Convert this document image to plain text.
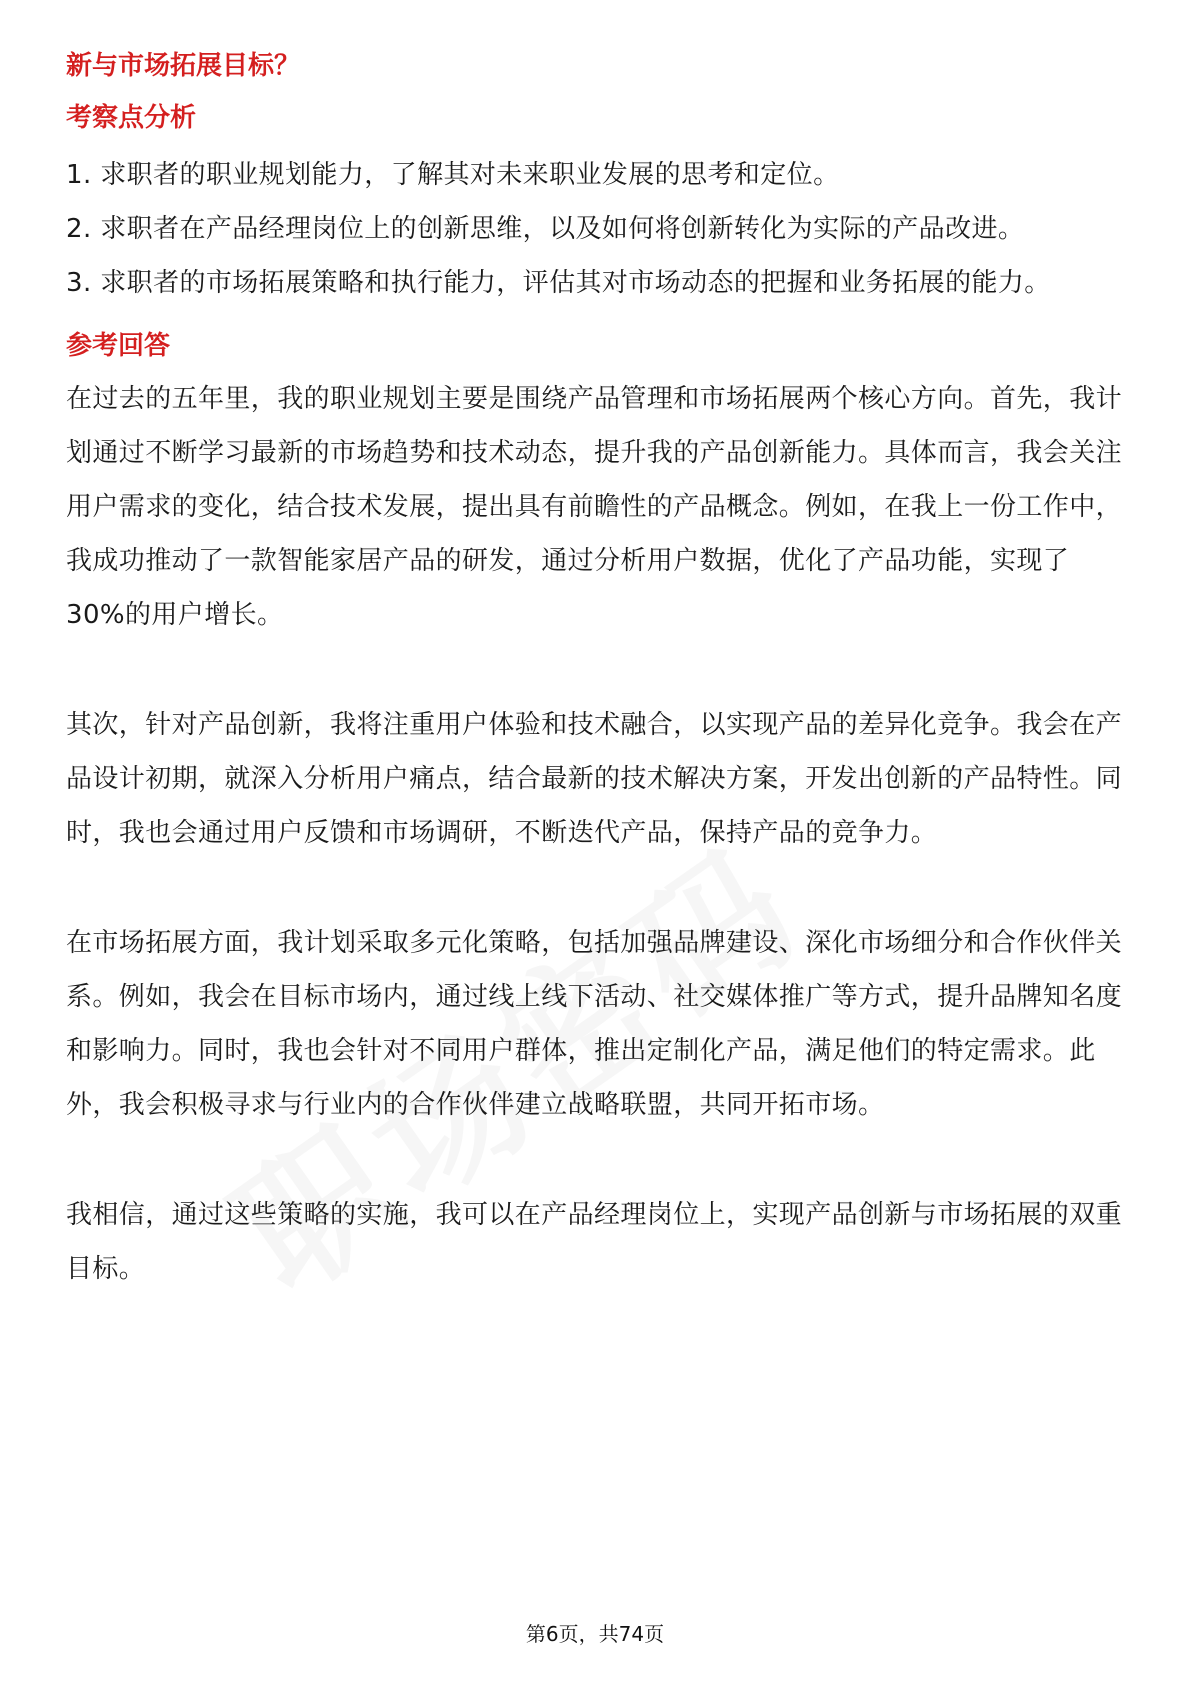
新与市场拓展目标？

考察点分析

1. 求职者的职业规划能力，了解其对未来职业发展的思考和定位。

2. 求职者在产品经理岗位上的创新思维，以及如何将创新转化为实际的产品改进。

3. 求职者的市场拓展策略和执行能力，评估其对市场动态的把握和业务拓展的能力。

参考回答

在过去的五年里，我的职业规划主要是围绕产品管理和市场拓展两个核心方向。首先，我计划通过不断学习最新的市场趋势和技术动态，提升我的产品创新能力。具体而言，我会关注用户需求的变化，结合技术发展，提出具有前瞻性的产品概念。例如，在我上一份工作中，我成功推动了一款智能家居产品的研发，通过分析用户数据，优化了产品功能，实现了30%的用户增长。

其次，针对产品创新，我将注重用户体验和技术融合，以实现产品的差异化竞争。我会在产品设计初期，就深入分析用户痛点，结合最新的技术解决方案，开发出创新的产品特性。同时，我也会通过用户反馈和市场调研，不断迭代产品，保持产品的竞争力。

在市场拓展方面，我计划采取多元化策略，包括加强品牌建设、深化市场细分和合作伙伴关系。例如，我会在目标市场内，通过线上线下活动、社交媒体推广等方式，提升品牌知名度和影响力。同时，我也会针对不同用户群体，推出定制化产品，满足他们的特定需求。此外，我会积极寻求与行业内的合作伙伴建立战略联盟，共同开拓市场。

我相信，通过这些策略的实施，我可以在产品经理岗位上，实现产品创新与市场拓展的双重目标。

第6页，共74页
